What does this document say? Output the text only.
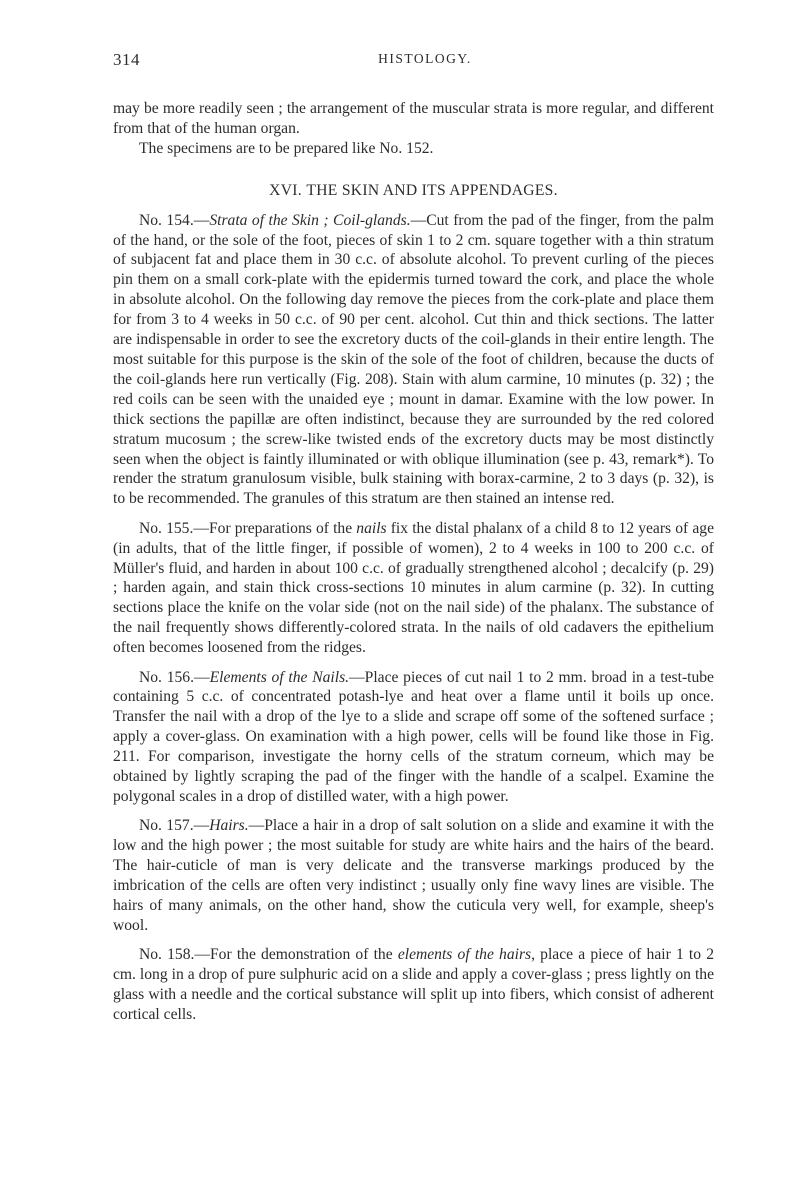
314	HISTOLOGY.

may be more readily seen ; the arrangement of the muscular strata is more regular, and different from that of the human organ.
The specimens are to be prepared like No. 152.

XVI. THE SKIN AND ITS APPENDAGES.

No. 154.—Strata of the Skin ; Coil-glands.—Cut from the pad of the finger, from the palm of the hand, or the sole of the foot, pieces of skin 1 to 2 cm. square together with a thin stratum of subjacent fat and place them in 30 c.c. of absolute alcohol. To prevent curling of the pieces pin them on a small cork-plate with the epidermis turned toward the cork, and place the whole in absolute alcohol. On the following day remove the pieces from the cork-plate and place them for from 3 to 4 weeks in 50 c.c. of 90 per cent. alcohol. Cut thin and thick sections. The latter are indispensable in order to see the excretory ducts of the coil-glands in their entire length. The most suitable for this purpose is the skin of the sole of the foot of children, because the ducts of the coil-glands here run vertically (Fig. 208). Stain with alum carmine, 10 minutes (p. 32) ; the red coils can be seen with the unaided eye ; mount in damar. Examine with the low power. In thick sections the papillæ are often indistinct, because they are surrounded by the red colored stratum mucosum ; the screw-like twisted ends of the excretory ducts may be most distinctly seen when the object is faintly illuminated or with oblique illumination (see p. 43, remark*). To render the stratum granulosum visible, bulk staining with borax-carmine, 2 to 3 days (p. 32), is to be recommended. The granules of this stratum are then stained an intense red.

No. 155.—For preparations of the nails fix the distal phalanx of a child 8 to 12 years of age (in adults, that of the little finger, if possible of women), 2 to 4 weeks in 100 to 200 c.c. of Müller's fluid, and harden in about 100 c.c. of gradually strengthened alcohol ; decalcify (p. 29) ; harden again, and stain thick cross-sections 10 minutes in alum carmine (p. 32). In cutting sections place the knife on the volar side (not on the nail side) of the phalanx. The substance of the nail frequently shows differently-colored strata. In the nails of old cadavers the epithelium often becomes loosened from the ridges.

No. 156.—Elements of the Nails.—Place pieces of cut nail 1 to 2 mm. broad in a test-tube containing 5 c.c. of concentrated potash-lye and heat over a flame until it boils up once. Transfer the nail with a drop of the lye to a slide and scrape off some of the softened surface ; apply a cover-glass. On examination with a high power, cells will be found like those in Fig. 211. For comparison, investigate the horny cells of the stratum corneum, which may be obtained by lightly scraping the pad of the finger with the handle of a scalpel. Examine the polygonal scales in a drop of distilled water, with a high power.

No. 157.—Hairs.—Place a hair in a drop of salt solution on a slide and examine it with the low and the high power ; the most suitable for study are white hairs and the hairs of the beard. The hair-cuticle of man is very delicate and the transverse markings produced by the imbrication of the cells are often very indistinct ; usually only fine wavy lines are visible. The hairs of many animals, on the other hand, show the cuticula very well, for example, sheep's wool.

No. 158.—For the demonstration of the elements of the hairs, place a piece of hair 1 to 2 cm. long in a drop of pure sulphuric acid on a slide and apply a cover-glass ; press lightly on the glass with a needle and the cortical substance will split up into fibers, which consist of adherent cortical cells.
